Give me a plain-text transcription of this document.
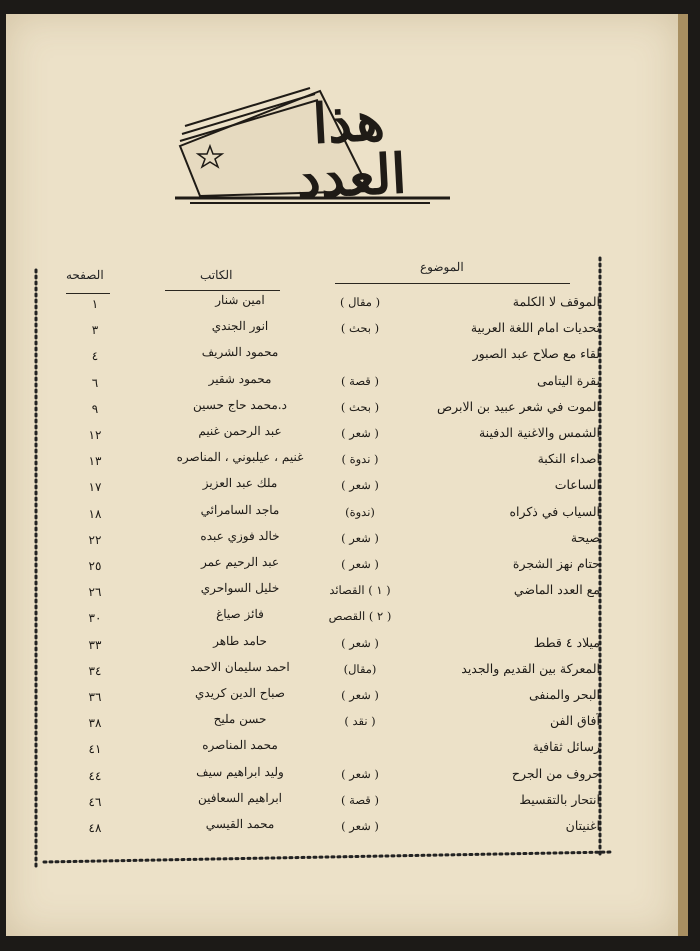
هذا العدد
الموضوع
الكاتب
الصفحه
الموقف لا الكلمة
( مقال )
امين شنار
١
تحديات امام اللغة العربية
( بحث )
انور الجندي
٣
لقاء مع صلاح عبد الصبور
محمود الشريف
٤
بقرة اليتامى
( قصة )
محمود شقير
٦
الموت في شعر عبيد بن الابرص
( بحث )
د.محمد حاج حسين
٩
الشمس والاغنية الدفينة
( شعر )
عبد الرحمن غنيم
١٢
اصداء النكبة
( ندوة )
غنيم ، عيلبوني ، المناصره
١٣
الساعات
( شعر )
ملك عبد العزيز
١٧
السياب في ذكراه
(ندوة)
ماجد السامرائي
١٨
صيحة
( شعر )
خالد فوزي عبده
٢٢
حتام نهز الشجرة
( شعر )
عبد الرحيم عمر
٢٥
مع العدد الماضي
( ١ ) القصائد
خليل السواحري
٢٦
( ٢ ) القصص
فائز صياغ
٣٠
ميلاد ٤ قطط
( شعر )
حامد طاهر
٣٣
المعركة بين القديم والجديد
(مقال)
احمد سليمان الاحمد
٣٤
البحر والمنفى
( شعر )
صباح الدين كريدي
٣٦
آفاق الفن
( نقد )
حسن مليح
٣٨
رسائل ثقافية
محمد المناصره
٤١
حروف من الجرح
( شعر )
وليد ابراهيم سيف
٤٤
انتحار بالتقسيط
( قصة )
ابراهيم السعافين
٤٦
اغنيتان
( شعر )
محمد القيسي
٤٨
